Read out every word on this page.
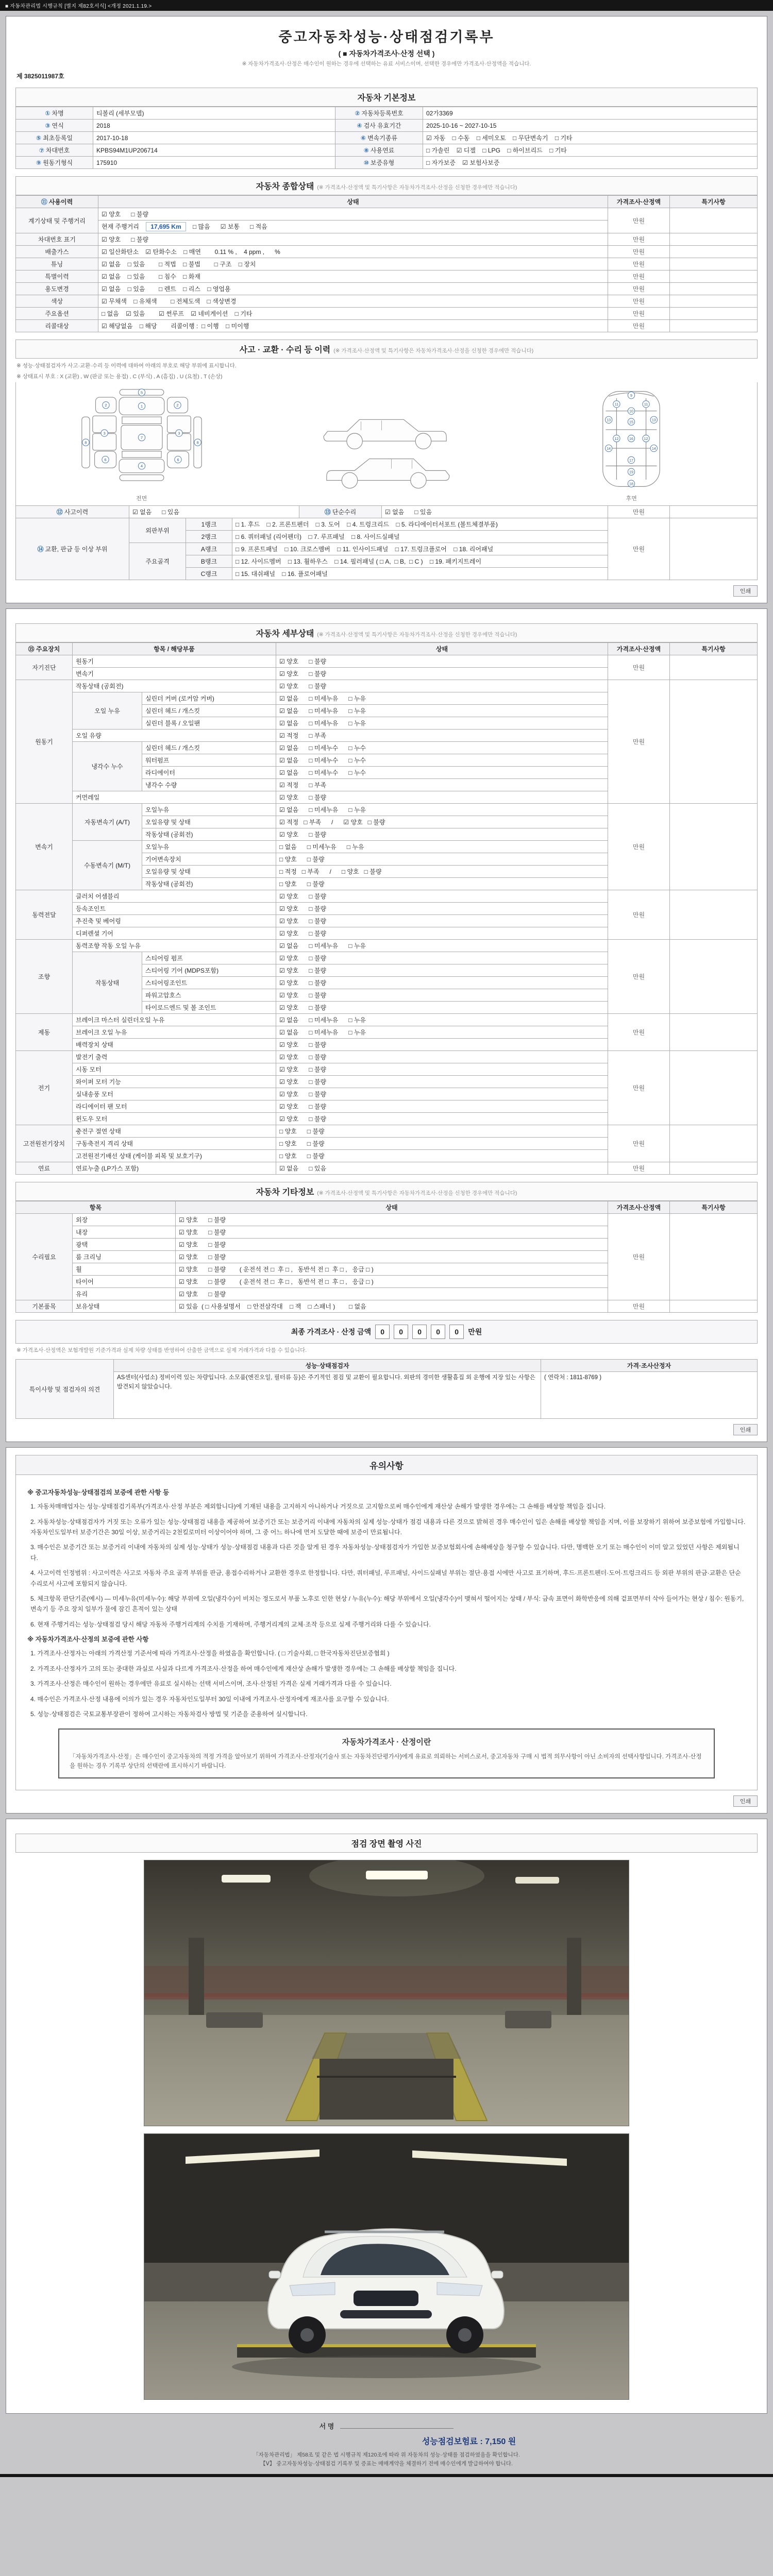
■ 자동차관리법 시행규칙 [별지 제82호서식] <개정 2021.1.19.>
중고자동차성능·상태점검기록부
( ■ 자동차가격조사·산정 선택 )
※ 자동차가격조사·산정은 매수인이 원하는 경우에 선택하는 유료 서비스이며, 선택한 경우에만 가격조사·산정액을 적습니다.
제 3825011987호
자동차 기본정보
① 차명	티볼리 (세부모델)	② 자동차등록번호	02가3369
③ 연식	2018	④ 검사 유효기간	2025-10-16 ~ 2027-10-15
⑤ 최초등록일	2017-10-18	⑥ 변속기종류	☑ 자동    □ 수동    □ 세미오토    □ 무단변속기    □ 기타
⑦ 차대번호	KPBS94M1UP206714	⑧ 사용연료	□ 가솔린    ☑ 디젤    □ LPG    □ 하이브리드    □ 기타
⑨ 원동기형식	175910	⑩ 보증유형	□ 자가보증    ☑ 보험사보증
자동차 종합상태 (※ 가격조사·산정액 및 특기사항은 자동차가격조사·산정을 신청한 경우에만 적습니다)
⑪ 사용이력	상태	가격조사·산정액	특기사항
계기상태 및 주행거리	☑ 양호      □ 불량	만원	
	현재 주행거리 17,695 Km □ 많음      ☑ 보통      □ 적음		
차대번호 표기	☑ 양호      □ 불량	만원	
배출가스	☑ 일산화탄소    ☑ 탄화수소    □ 매연        0.11 % ,    4 ppm ,      %	만원	
튜닝	☑ 없음    □ 있음        □ 적법    □ 불법        □ 구조    □ 장치	만원	
특별이력	☑ 없음    □ 있음        □ 침수    □ 화재	만원	
용도변경	☑ 없음    □ 있음        □ 렌트    □ 리스    □ 영업용	만원	
색상	☑ 무채색    □ 유채색        □ 전체도색    □ 색상변경	만원	
주요옵션	□ 없음    ☑ 있음        ☑ 썬루프    ☑ 네비게이션    □ 기타	만원	
리콜대상	☑ 해당없음    □ 해당        리콜이행 :  □ 이행    □ 미이행	만원	
사고 · 교환 · 수리 등 이력 (※ 가격조사·산정액 및 특기사항은 자동차가격조사·산정을 신청한 경우에만 적습니다)
※ 성능·상태점검자가 사고·교환·수리 등 이력에 대하여 아래의 부호로 해당 부위에 표시합니다.
※ 상태표시 부호 : X (교환) , W (판금 또는 용접) , C (부식) , A (흠집) , U (요철) , T (손상)
5
1
2	2
3	3
7
6	6
4
8	8
전면
9
10
11	11
13	13
15
12	12
14	14
16
17
19
18
후면
⑫ 사고이력	☑ 없음      □ 있음	⑬ 단순수리	☑ 없음      □ 있음	만원	
⑭ 교환, 판금 등 이상 부위	외판부위	1랭크	□ 1. 후드    □ 2. 프론트펜더    □ 3. 도어    □ 4. 트렁크리드    □ 5. 라디에이터서포트 (볼트체결부품)	만원	
		2랭크	□ 6. 쿼터패널 (리어펜더)    □ 7. 루프패널    □ 8. 사이드실패널		
	주요골격	A랭크	□ 9. 프론트패널    □ 10. 크로스멤버    □ 11. 인사이드패널    □ 17. 트렁크플로어    □ 18. 리어패널		
		B랭크	□ 12. 사이드멤버    □ 13. 휠하우스    □ 14. 필러패널 ( □ A,  □ B,  □ C )    □ 19. 패키지트레이		
		C랭크	□ 15. 대쉬패널    □ 16. 플로어패널		
인쇄
자동차 세부상태 (※ 가격조사·산정액 및 특기사항은 자동차가격조사·산정을 신청한 경우에만 적습니다)
⑮ 주요장치	항목 / 해당부품		상태	가격조사·산정액	특기사항
자기진단	원동기		☑ 양호      □ 불량	만원	
	변속기		☑ 양호      □ 불량		
원동기	작동상태 (공회전)		☑ 양호      □ 불량	만원	
	오일 누유	실린더 커버 (로커암 커버)	☑ 없음      □ 미세누유      □ 누유		
		실린더 헤드 / 개스킷	☑ 없음      □ 미세누유      □ 누유		
		실린더 블록 / 오일팬	☑ 없음      □ 미세누유      □ 누유		
	오일 유량		☑ 적정      □ 부족		
	냉각수 누수	실린더 헤드 / 개스킷	☑ 없음      □ 미세누수      □ 누수		
		워터펌프	☑ 없음      □ 미세누수      □ 누수		
		라디에이터	☑ 없음      □ 미세누수      □ 누수		
		냉각수 수량	☑ 적정      □ 부족		
	커먼레일		☑ 양호      □ 불량		
변속기	자동변속기 (A/T)	오일누유	☑ 없음      □ 미세누유      □ 누유	만원	
		오일유량 및 상태	☑ 적정   □ 부족      /      ☑ 양호   □ 불량		
		작동상태 (공회전)	☑ 양호      □ 불량		
	수동변속기 (M/T)	오일누유	□ 없음      □ 미세누유      □ 누유		
		기어변속장치	□ 양호      □ 불량		
		오일유량 및 상태	□ 적정   □ 부족      /      □ 양호   □ 불량		
		작동상태 (공회전)	□ 양호      □ 불량		
동력전달	클러치 어셈블리		☑ 양호      □ 불량	만원	
	등속조인트		☑ 양호      □ 불량		
	추진축 및 베어링		☑ 양호      □ 불량		
	디퍼렌셜 기어		☑ 양호      □ 불량		
조향	동력조향 작동 오일 누유		☑ 없음      □ 미세누유      □ 누유	만원	
	작동상태	스티어링 펌프	☑ 양호      □ 불량		
		스티어링 기어 (MDPS포함)	☑ 양호      □ 불량		
		스티어링조인트	☑ 양호      □ 불량		
		파워고압호스	☑ 양호      □ 불량		
		타이로드엔드 및 볼 조인트	☑ 양호      □ 불량		
제동	브레이크 마스터 실린더오일 누유		☑ 없음      □ 미세누유      □ 누유	만원	
	브레이크 오일 누유		☑ 없음      □ 미세누유      □ 누유		
	배력장치 상태		☑ 양호      □ 불량		
전기	발전기 출력		☑ 양호      □ 불량	만원	
	시동 모터		☑ 양호      □ 불량		
	와이퍼 모터 기능		☑ 양호      □ 불량		
	실내송풍 모터		☑ 양호      □ 불량		
	라디에이터 팬 모터		☑ 양호      □ 불량		
	윈도우 모터		☑ 양호      □ 불량		
고전원전기장치	충전구 절연 상태		□ 양호      □ 불량	만원	
	구동축전지 격리 상태		□ 양호      □ 불량		
	고전원전기배선 상태 (케이블 피복 및 보호기구)		□ 양호      □ 불량		
연료	연료누출 (LP가스 포함)		☑ 없음      □ 있음	만원	
자동차 기타정보 (※ 가격조사·산정액 및 특기사항은 자동차가격조사·산정을 신청한 경우에만 적습니다)
항목		상태	가격조사·산정액	특기사항
수리필요	외장	☑ 양호      □ 불량	만원	
	내장	☑ 양호      □ 불량		
	광택	☑ 양호      □ 불량		
	룸 크리닝	☑ 양호      □ 불량		
	휠	☑ 양호      □ 불량        ( 운전석 전 □  후 □ ,   동반석 전 □  후 □ ,   응급 □ )		
	타이어	☑ 양호      □ 불량        ( 운전석 전 □  후 □ ,   동반석 전 □  후 □ ,   응급 □ )		
	유리	☑ 양호      □ 불량		
기본품목	보유상태	☑ 있음  ( □ 사용설명서    □ 안전삼각대    □ 잭    □ 스패너 )        □ 없음	만원	
최종 가격조사 · 산정 금액	0	0	0	0	0	만원
※ 가격조사·산정액은 보험개발원 기준가격과 실제 차량 상태를 반영하여 산출한 금액으로 실제 거래가격과 다를 수 있습니다.
특이사항 및 점검자의 의견	성능·상태점검자	가격·조사산정자
	AS센터(사업소) 정비이력 있는 차량입니다. 소모품(엔진오일, 필터류 등)은 주기적인 점검 및 교환이 필요합니다. 외판의 경미한 생활흠집 외 운행에 지장 있는 사항은 발견되지 않았습니다.	( 연락처 : 1811-8769 )
인쇄
유의사항
※ 중고자동차성능·상태점검의 보증에 관한 사항 등
1. 자동차매매업자는 성능·상태점검기록부(가격조사·산정 부분은 제외합니다)에 기재된 내용을 고지하지 아니하거나 거짓으로 고지함으로써 매수인에게 재산상 손해가 발생한 경우에는 그 손해를 배상할 책임을 집니다.
2. 자동차성능·상태점검자가 거짓 또는 오류가 있는 성능·상태점검 내용을 제공하여 보증기간 또는 보증거리 이내에 자동차의 실제 성능·상태가 점검 내용과 다른 것으로 밝혀진 경우 매수인이 입은 손해를 배상할 책임을 지며, 이를 보장하기 위하여 보증보험에 가입합니다. 자동차인도일부터 보증기간은 30일 이상, 보증거리는 2천킬로미터 이상이어야 하며, 그 중 어느 하나에 먼저 도달한 때에 보증이 만료됩니다.
3. 매수인은 보증기간 또는 보증거리 이내에 자동차의 실제 성능·상태가 성능·상태점검 내용과 다른 것을 알게 된 경우 자동차성능·상태점검자가 가입한 보증보험회사에 손해배상을 청구할 수 있습니다. 다만, 명백한 오기 또는 매수인이 이미 알고 있었던 사항은 제외됩니다.
4. 사고이력 인정범위 : 사고이력은 사고로 자동차 주요 골격 부위를 판금, 용접수리하거나 교환한 경우로 한정합니다. 다만, 쿼터패널, 루프패널, 사이드실패널 부위는 절단·용접 시에만 사고로 표기하며, 후드·프론트펜더·도어·트렁크리드 등 외판 부위의 판금·교환은 단순수리로서 사고에 포함되지 않습니다.
5. 체크항목 판단기준(예시) — 미세누유(미세누수): 해당 부위에 오일(냉각수)이 비치는 정도로서 부품 노후로 인한 현상 / 누유(누수): 해당 부위에서 오일(냉각수)이 맺혀서 떨어지는 상태 / 부식: 금속 표면이 화학반응에 의해 겉표면부터 삭아 들어가는 현상 / 침수: 원동기, 변속기 등 주요 장치 일부가 물에 잠긴 흔적이 있는 상태
6. 현재 주행거리는 성능·상태점검 당시 해당 자동차 주행거리계의 수치를 기재하며, 주행거리계의 교체·조작 등으로 실제 주행거리와 다를 수 있습니다.
※ 자동차가격조사·산정의 보증에 관한 사항
1. 가격조사·산정자는 아래의 가격산정 기준서에 따라 가격조사·산정을 하였음을 확인합니다. ( □ 기술사회, □ 한국자동차진단보증협회 )
2. 가격조사·산정자가 고의 또는 중대한 과실로 사실과 다르게 가격조사·산정을 하여 매수인에게 재산상 손해가 발생한 경우에는 그 손해를 배상할 책임을 집니다.
3. 가격조사·산정은 매수인이 원하는 경우에만 유료로 실시하는 선택 서비스이며, 조사·산정된 가격은 실제 거래가격과 다를 수 있습니다.
4. 매수인은 가격조사·산정 내용에 이의가 있는 경우 자동차인도일부터 30일 이내에 가격조사·산정자에게 재조사를 요구할 수 있습니다.
5. 성능·상태점검은 국토교통부장관이 정하여 고시하는 자동차검사 방법 및 기준을 준용하여 실시합니다.
자동차가격조사 · 산정이란
「자동차가격조사·산정」은 매수인이 중고자동차의 적정 가격을 알아보기 위하여 가격조사·산정자(기술사 또는 자동차진단평가사)에게 유료로 의뢰하는 서비스로서, 중고자동차 구매 시 법적 의무사항이 아닌 소비자의 선택사항입니다. 가격조사·산정을 원하는 경우 기록부 상단의 선택란에 표시하시기 바랍니다.
인쇄
점검 장면 촬영 사진
서 명
성능점검보험료 : 7,150 원
「자동차관리법」 제58조 및 같은 법 시행규칙 제120조에 따라 위 자동차의 성능·상태를 점검하였음을 확인합니다.
【Ⅴ】 중고자동차성능·상태점검 기록부 및 증표는 매매계약을 체결하기 전에 매수인에게 발급하여야 합니다.
